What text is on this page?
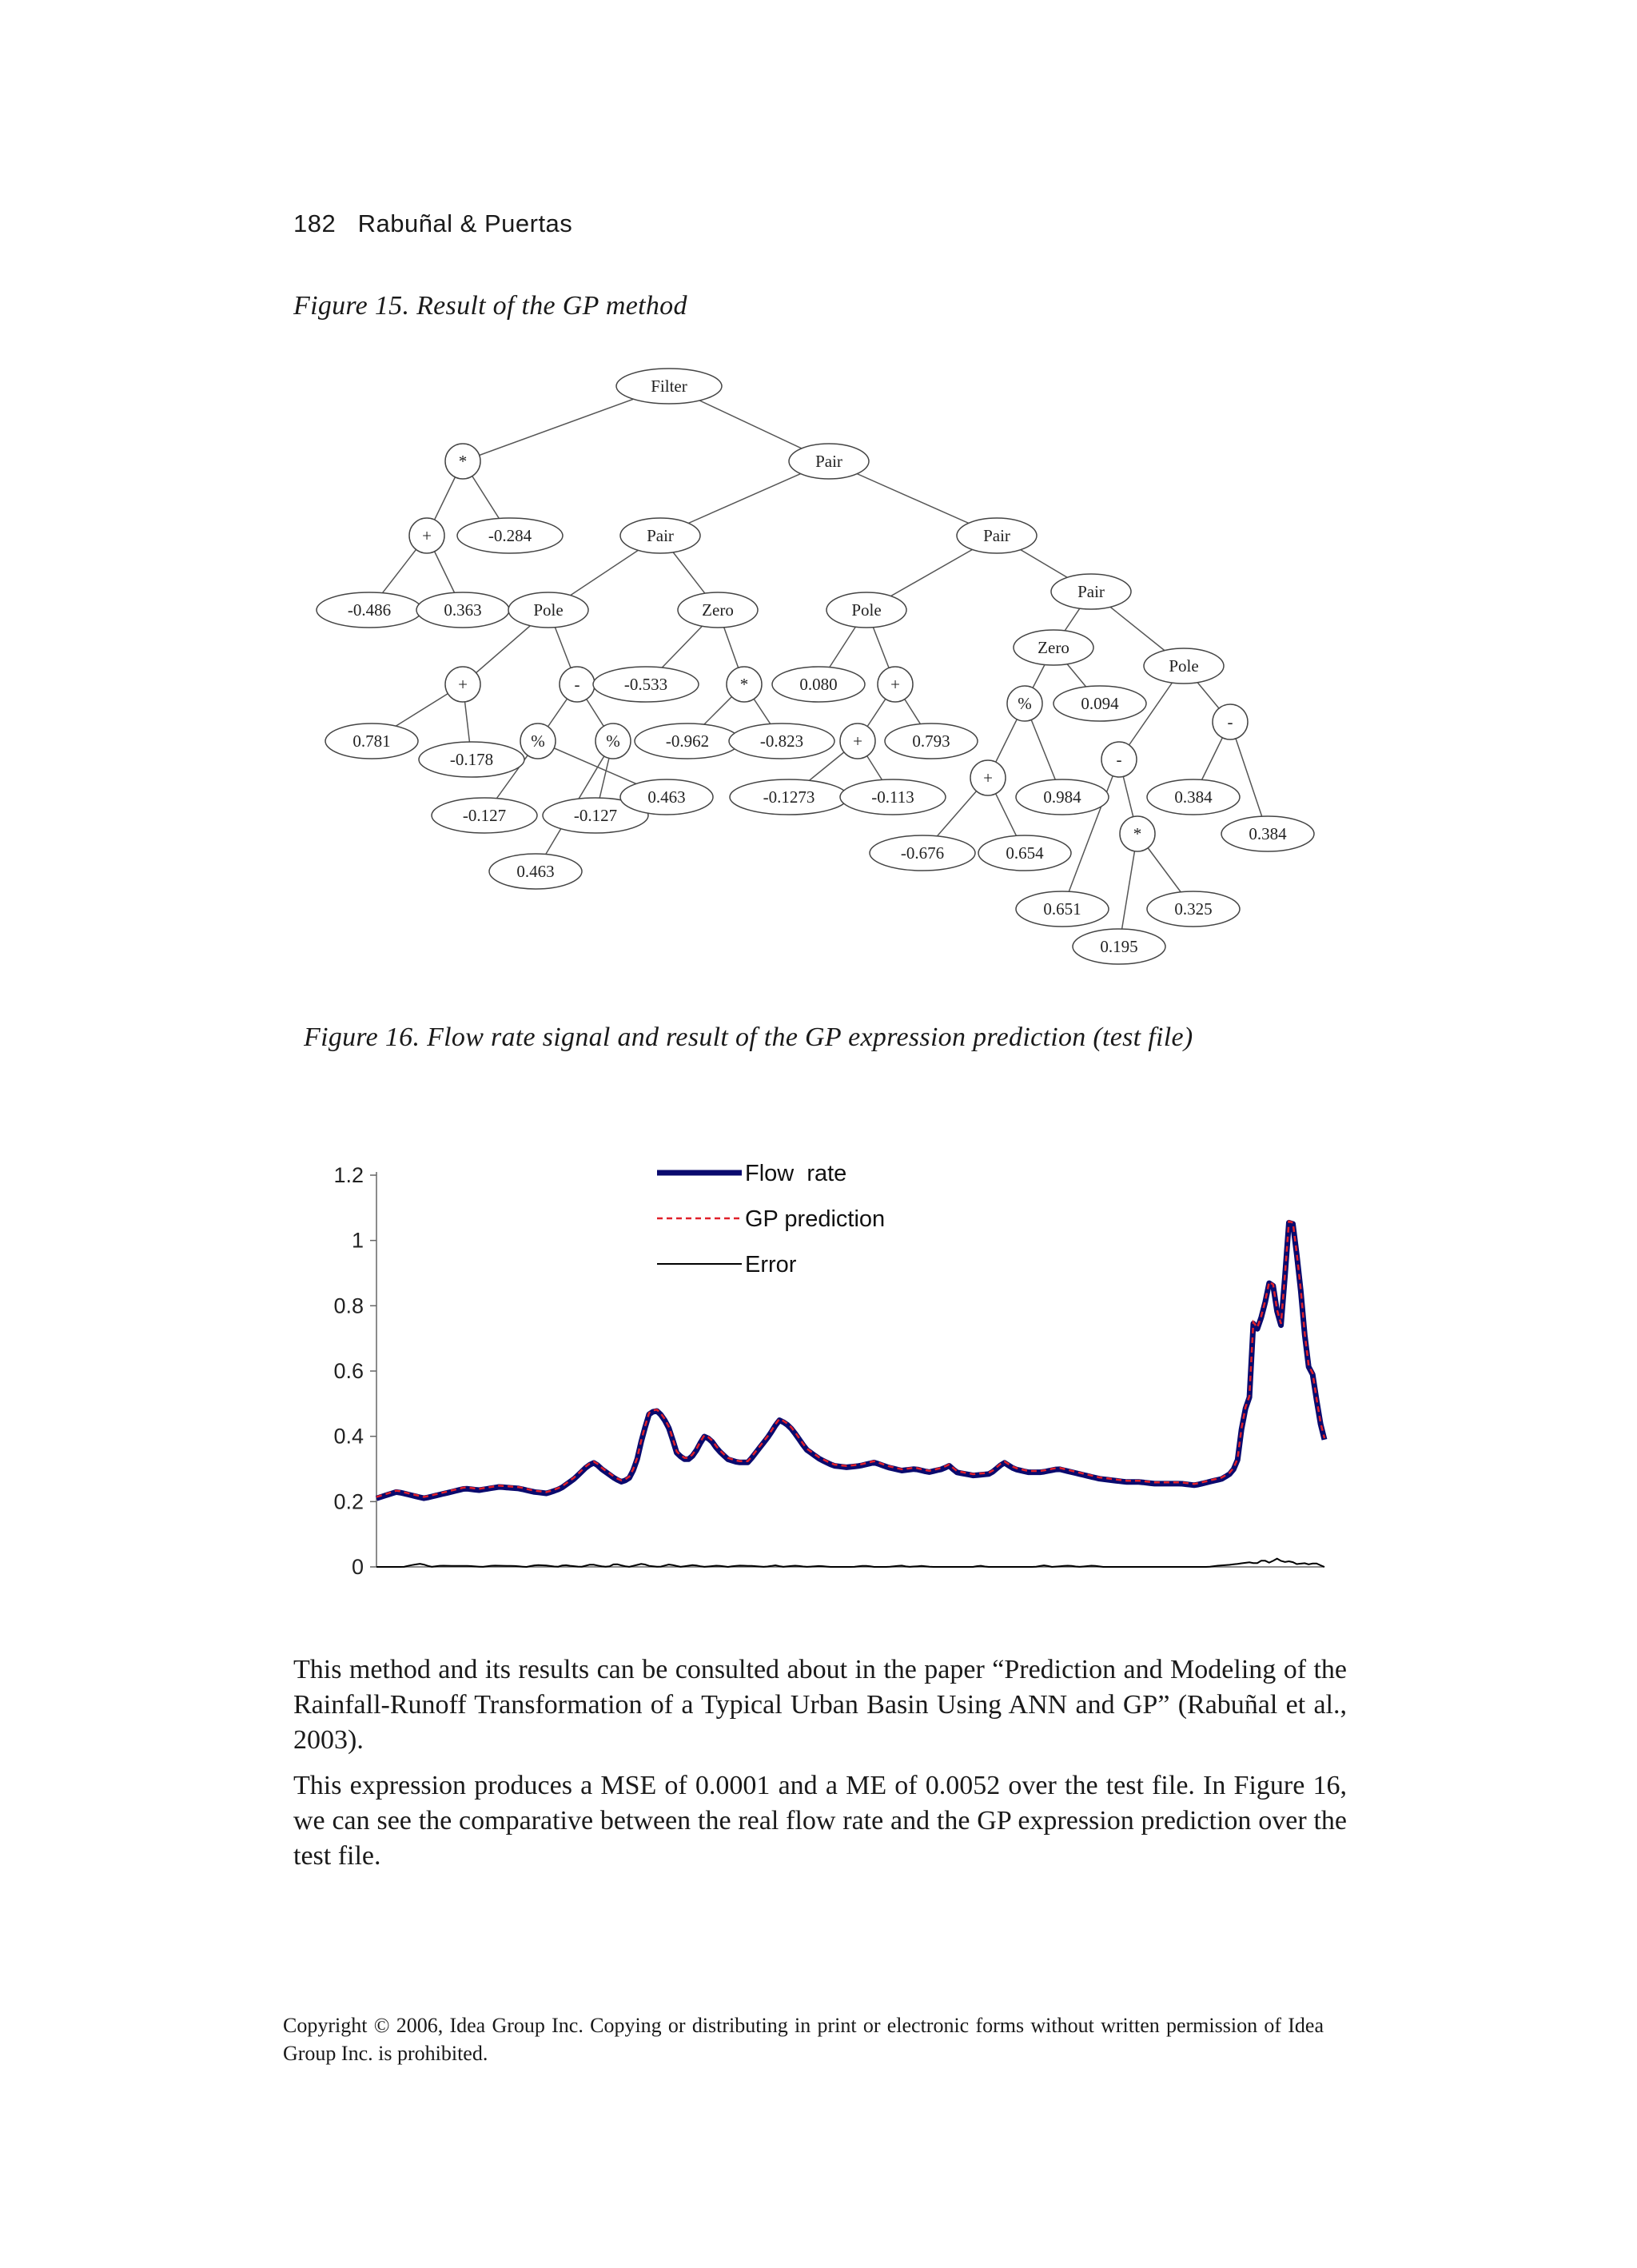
182 Rabuñal & Puertas
Figure 15. Result of the GP method
Filter
*	Pair
+	-0.284	Pair	Pair
-0.486	0.363	Pole	Zero	Pole
Pair
+	-	-0.533	*	0.080	+
Zero
Pole
0.781
-0.178
%	%	-0.962	-0.823	+	0.793
%	0.094
-
-
-0.127	-0.127
0.463
0.463
-0.1273	-0.113
+
0.984	0.384
0.384
*
-0.676	0.654
0.651	0.325
0.195
Figure 16. Flow rate signal and result of the GP expression prediction (test file)
0
0.2
0.4
0.6
0.8
1
1.2	Flow  rate
GP prediction
Error
This method and its results can be consulted about in the paper “Prediction and Modeling of the Rainfall-Runoff Transformation of a Typical Urban Basin Using ANN and GP” (Rabuñal et al., 2003).
This expression produces a MSE of 0.0001 and a ME of 0.0052 over the test file. In Figure 16, we can see the comparative between the real flow rate and the GP expression prediction over the test file.
Copyright © 2006, Idea Group Inc. Copying or distributing in print or electronic forms without written permission of Idea Group Inc. is prohibited.
